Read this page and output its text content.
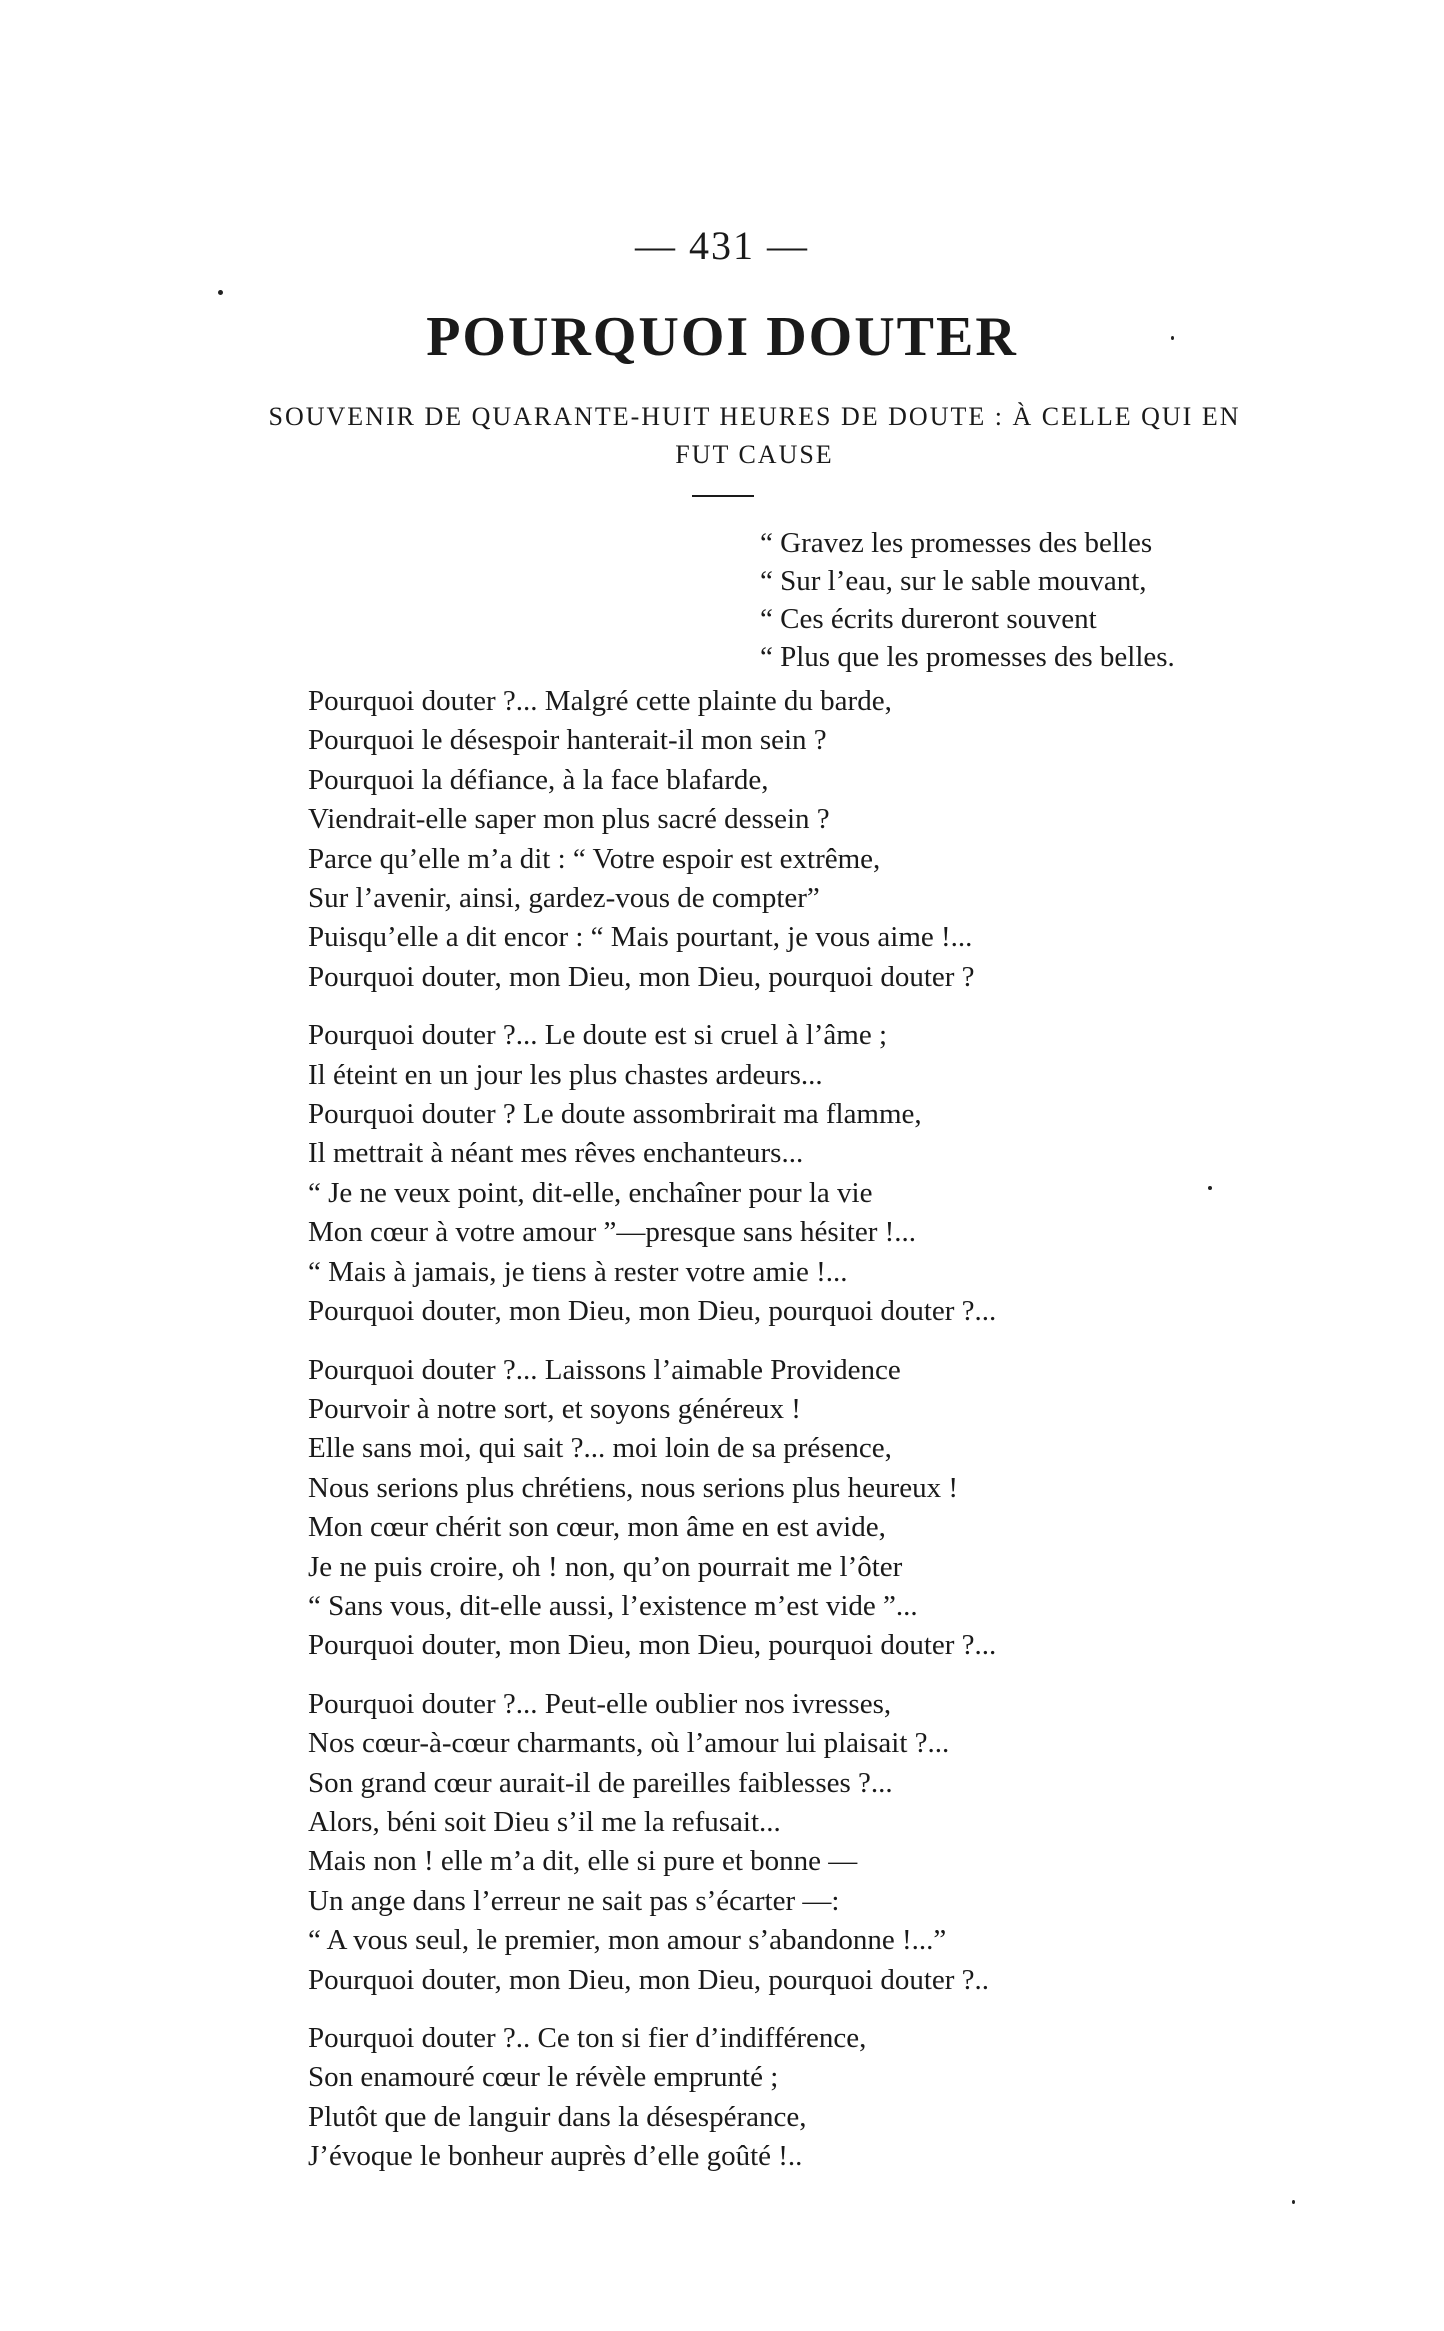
— 431 —
POURQUOI DOUTER
SOUVENIR DE QUARANTE-HUIT HEURES DE DOUTE : À CELLE QUI EN FUT CAUSE
“ Gravez les promesses des belles
“ Sur l’eau, sur le sable mouvant,
“ Ces écrits dureront souvent
“ Plus que les promesses des belles.
Pourquoi douter ?... Malgré cette plainte du barde,
Pourquoi le désespoir hanterait-il mon sein ?
Pourquoi la défiance, à la face blafarde,
Viendrait-elle saper mon plus sacré dessein ?
Parce qu’elle m’a dit : “ Votre espoir est extrême,
Sur l’avenir, ainsi, gardez-vous de compter”
Puisqu’elle a dit encor : “ Mais pourtant, je vous aime !...
Pourquoi douter, mon Dieu, mon Dieu, pourquoi douter ?
Pourquoi douter ?... Le doute est si cruel à l’âme ;
Il éteint en un jour les plus chastes ardeurs...
Pourquoi douter ? Le doute assombrirait ma flamme,
Il mettrait à néant mes rêves enchanteurs...
“ Je ne veux point, dit-elle, enchaîner pour la vie
Mon cœur à votre amour ”—presque sans hésiter !...
“ Mais à jamais, je tiens à rester votre amie !...
Pourquoi douter, mon Dieu, mon Dieu, pourquoi douter ?...
Pourquoi douter ?... Laissons l’aimable Providence
Pourvoir à notre sort, et soyons généreux !
Elle sans moi, qui sait ?... moi loin de sa présence,
Nous serions plus chrétiens, nous serions plus heureux !
Mon cœur chérit son cœur, mon âme en est avide,
Je ne puis croire, oh ! non, qu’on pourrait me l’ôter
“ Sans vous, dit-elle aussi, l’existence m’est vide ”...
Pourquoi douter, mon Dieu, mon Dieu, pourquoi douter ?...
Pourquoi douter ?... Peut-elle oublier nos ivresses,
Nos cœur-à-cœur charmants, où l’amour lui plaisait ?...
Son grand cœur aurait-il de pareilles faiblesses ?...
Alors, béni soit Dieu s’il me la refusait...
Mais non ! elle m’a dit, elle si pure et bonne —
Un ange dans l’erreur ne sait pas s’écarter —:
“ A vous seul, le premier, mon amour s’abandonne !...”
Pourquoi douter, mon Dieu, mon Dieu, pourquoi douter ?..
Pourquoi douter ?.. Ce ton si fier d’indifférence,
Son enamouré cœur le révèle emprunté ;
Plutôt que de languir dans la désespérance,
J’évoque le bonheur auprès d’elle goûté !..
